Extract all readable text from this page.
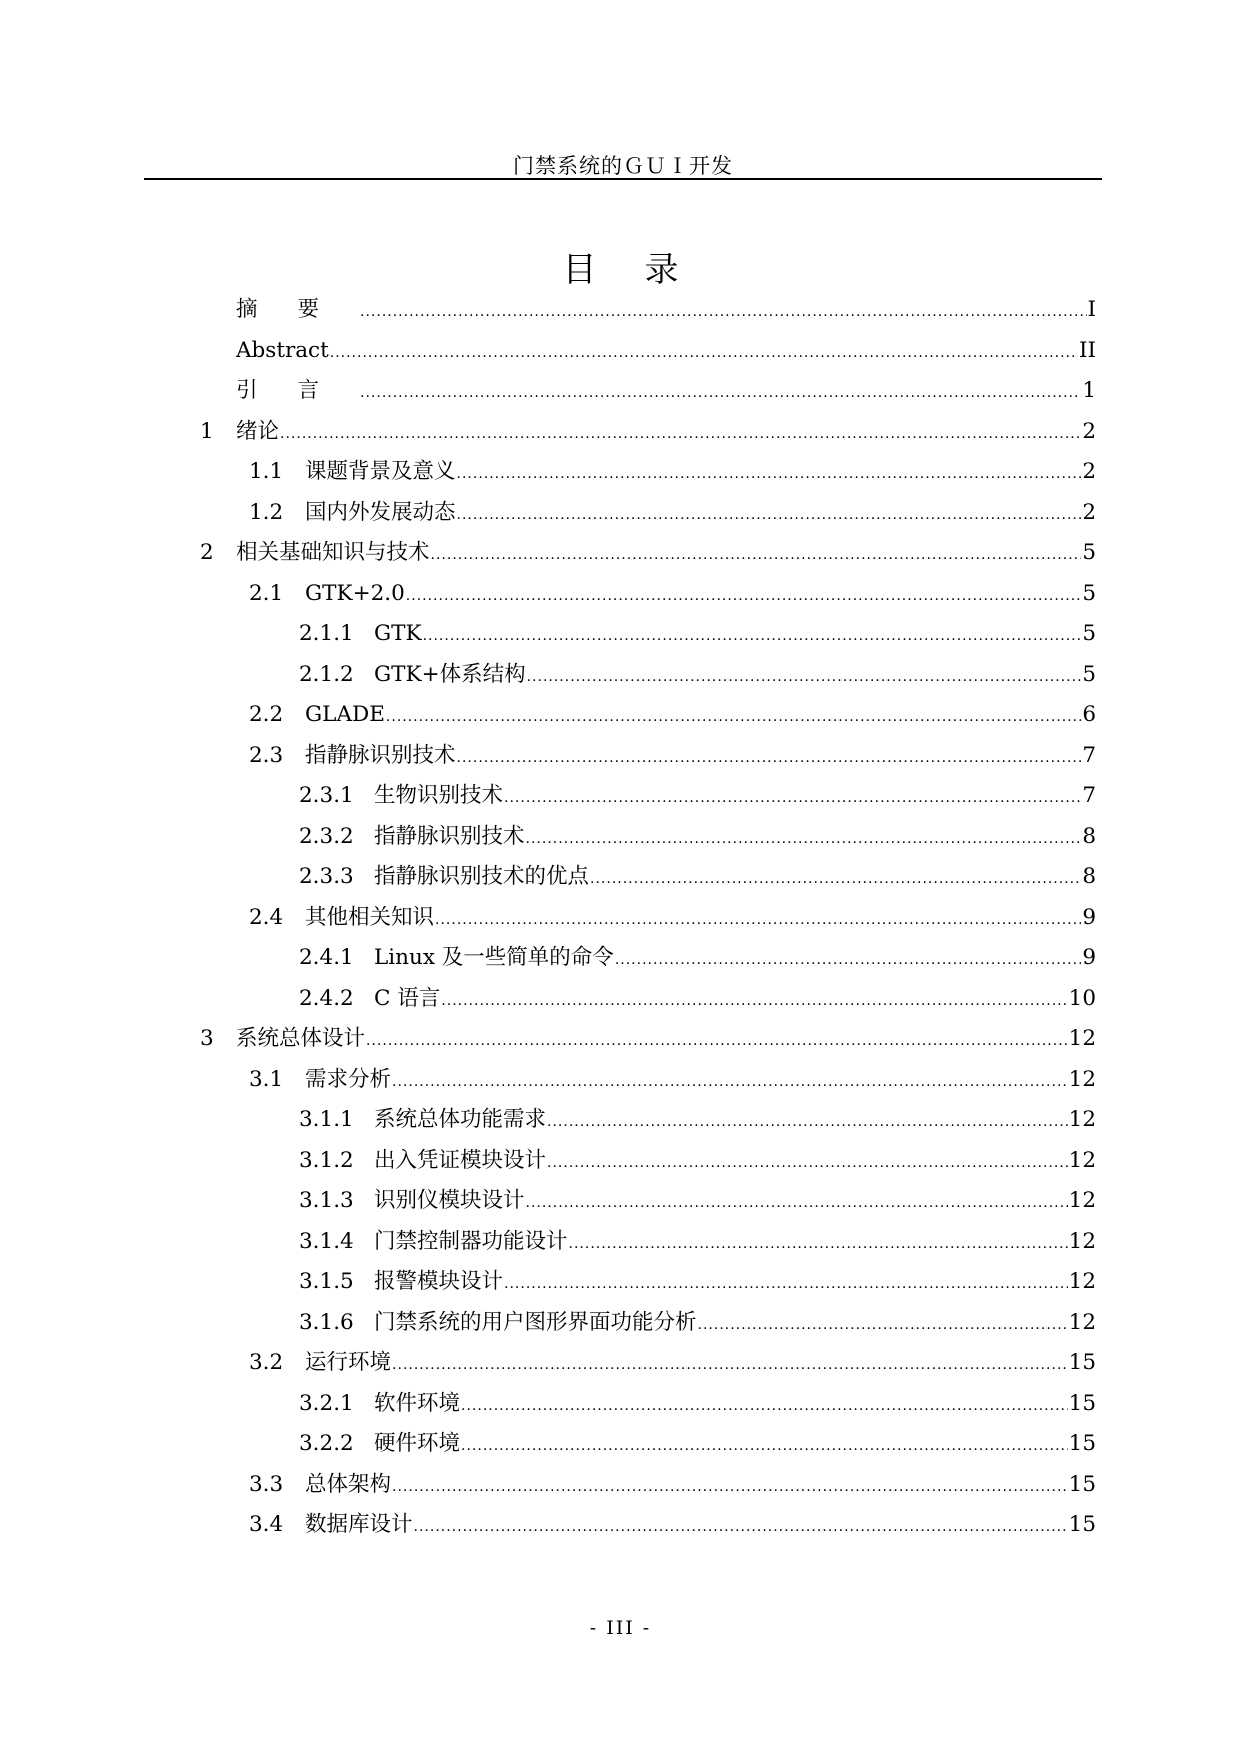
门禁系统的ＧＵＩ开发
目录
摘要 .....	I
Abstract .....	II
引言 .....	1
1	绪论 .....	2
1.1	课题背景及意义 .....	2
1.2	国内外发展动态 .....	2
2	相关基础知识与技术 .....	5
2.1	GTK+2.0 .....	5
2.1.1 GTK .....	5
2.1.2 GTK+体系结构 .....	5
2.2	GLADE .....	6
2.3	指静脉识别技术 .....	7
2.3.1 生物识别技术 .....	7
2.3.2 指静脉识别技术 .....	8
2.3.3 指静脉识别技术的优点 .....	8
2.4	其他相关知识 .....	9
2.4.1 Linux 及一些简单的命令 .....	9
2.4.2 C 语言 .....	10
3	系统总体设计 .....	12
3.1	需求分析 .....	12
3.1.1 系统总体功能需求 .....	12
3.1.2 出入凭证模块设计 .....	12
3.1.3 识别仪模块设计 .....	12
3.1.4 门禁控制器功能设计 .....	12
3.1.5 报警模块设计 .....	12
3.1.6 门禁系统的用户图形界面功能分析 .....	12
3.2	运行环境 .....	15
3.2.1 软件环境 .....	15
3.2.2 硬件环境 .....	15
3.3	总体架构 .....	15
3.4	数据库设计 .....	15
- III -
